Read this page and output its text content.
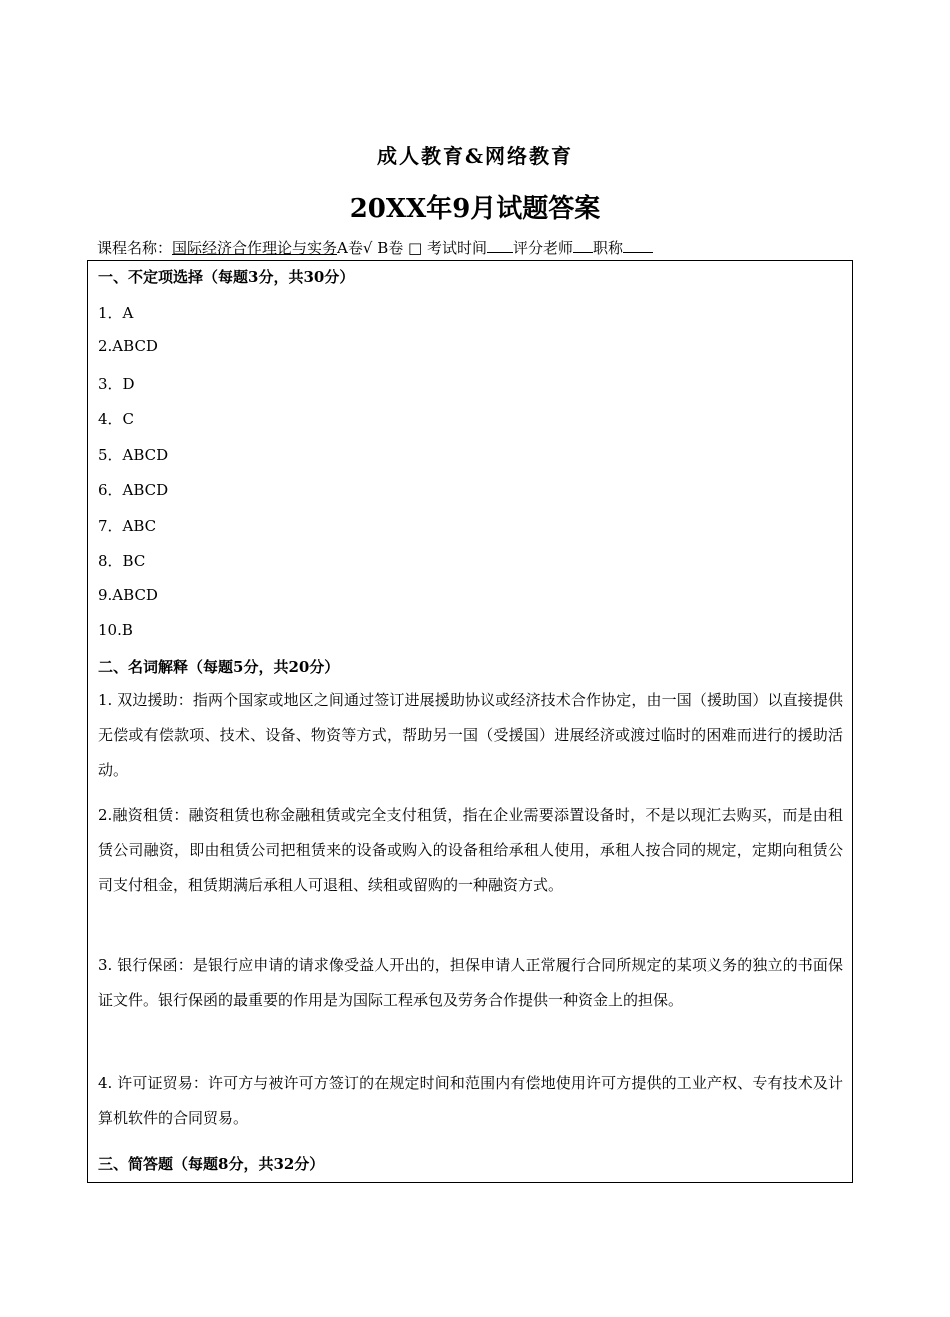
成人教育&网络教育
20XX年9月试题答案
课程名称：国际经济合作理论与实务A卷√ B卷 □ 考试时间 评分老师 职称
一、不定项选择（每题3分，共30分）
1．A
2.ABCD
3．D
4．C
5．ABCD
6．ABCD
7．ABC
8．BC
9.ABCD
10.B
二、名词解释（每题5分，共20分）

1. 双边援助：指两个国家或地区之间通过签订进展援助协议或经济技术合作协定，由一国（援助国）以直接提供无偿或有偿款项、技术、设备、物资等方式，帮助另一国（受援国）进展经济或渡过临时的困难而进行的援助活动。

2.融资租赁：融资租赁也称金融租赁或完全支付租赁，指在企业需要添置设备时，不是以现汇去购买，而是由租赁公司融资，即由租赁公司把租赁来的设备或购入的设备租给承租人使用，承租人按合同的规定，定期向租赁公司支付租金，租赁期满后承租人可退租、续租或留购的一种融资方式。

3. 银行保函：是银行应申请的请求像受益人开出的，担保申请人正常履行合同所规定的某项义务的独立的书面保证文件。银行保函的最重要的作用是为国际工程承包及劳务合作提供一种资金上的担保。

4. 许可证贸易：许可方与被许可方签订的在规定时间和范围内有偿地使用许可方提供的工业产权、专有技术及计算机软件的合同贸易。

三、简答题（每题8分，共32分）
